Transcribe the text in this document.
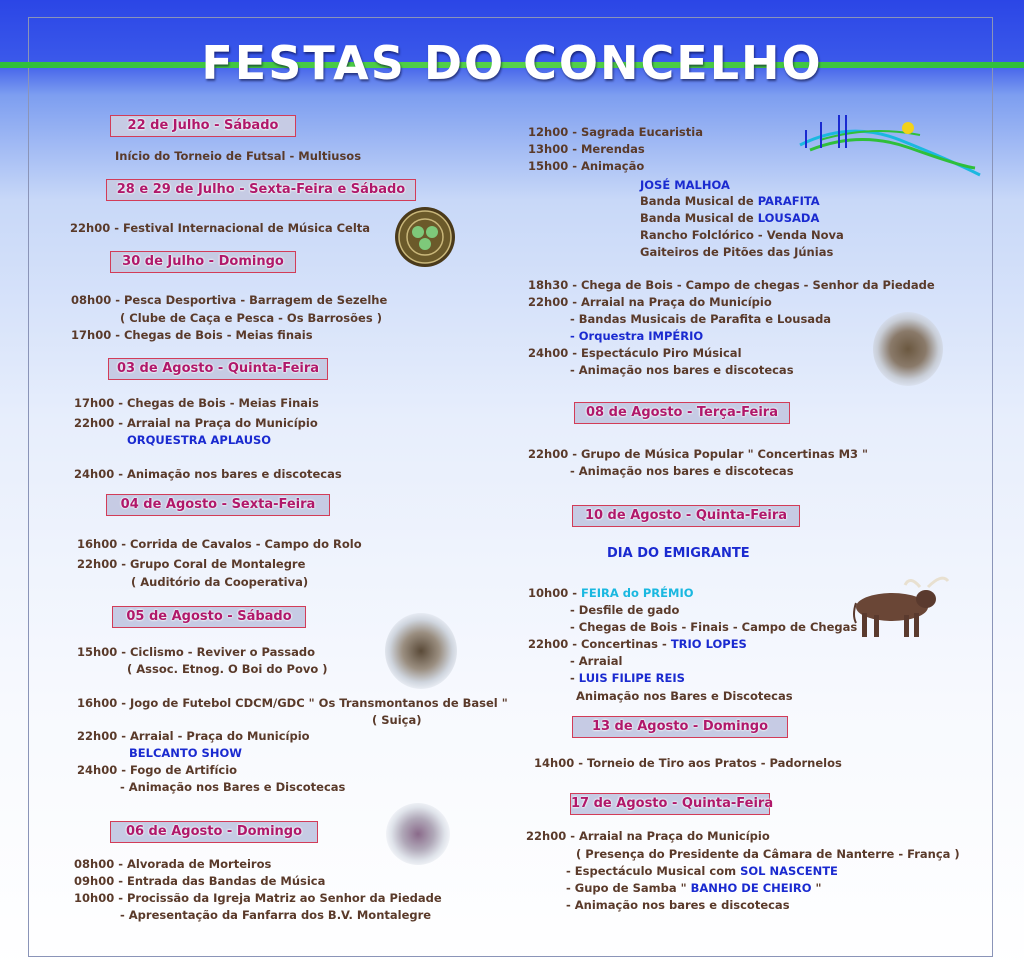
FESTAS DO CONCELHO
22 de Julho - Sábado
Início do Torneio de Futsal - Multiusos
28 e 29 de Julho - Sexta-Feira e Sábado
22h00 - Festival Internacional de Música Celta
30 de Julho - Domingo
08h00 - Pesca Desportiva - Barragem de Sezelhe
( Clube de Caça e Pesca - Os Barrosões )
17h00 - Chegas de Bois - Meias finais
03 de Agosto - Quinta-Feira
17h00 - Chegas de Bois - Meias Finais
22h00 - Arraial na Praça do Município
ORQUESTRA APLAUSO
24h00 - Animação nos bares e discotecas
04 de Agosto - Sexta-Feira
16h00 - Corrida de Cavalos - Campo do Rolo
22h00 - Grupo Coral de Montalegre
( Auditório da Cooperativa)
05 de Agosto - Sábado
15h00 - Ciclismo - Reviver o Passado
( Assoc. Etnog. O Boi do Povo )
16h00 - Jogo de Futebol CDCM/GDC " Os Transmontanos de Basel "
( Suiça)
22h00 - Arraial - Praça do Município
BELCANTO SHOW
24h00 - Fogo de Artifício
- Animação nos Bares e Discotecas
06 de Agosto - Domingo
08h00 - Alvorada de Morteiros
09h00 - Entrada das Bandas de Música
10h00 - Procissão da Igreja Matriz ao Senhor da Piedade
- Apresentação da Fanfarra dos B.V. Montalegre
12h00 - Sagrada Eucaristia
13h00 - Merendas
15h00 - Animação
JOSÉ MALHOA
Banda Musical de PARAFITA
Banda Musical de LOUSADA
Rancho Folclórico - Venda Nova
Gaiteiros de Pitões das Júnias
18h30 - Chega de Bois - Campo de chegas - Senhor da Piedade
22h00 - Arraial na Praça do Município
- Bandas Musicais de Parafita e Lousada
- Orquestra IMPÉRIO
24h00 - Espectáculo Piro Músical
- Animação nos bares e discotecas
08 de Agosto - Terça-Feira
22h00 - Grupo de Música Popular " Concertinas M3 "
- Animação nos bares e discotecas
10 de Agosto - Quinta-Feira
DIA DO EMIGRANTE
10h00 - FEIRA do PRÉMIO
- Desfile de gado
- Chegas de Bois - Finais - Campo de Chegas
22h00 - Concertinas - TRIO LOPES
- Arraial
- LUIS FILIPE REIS
Animação nos Bares e Discotecas
13 de Agosto - Domingo
14h00 - Torneio de Tiro aos Pratos - Padornelos
17 de Agosto - Quinta-Feira
22h00 - Arraial na Praça do Município
( Presença do Presidente da Câmara de Nanterre - França )
- Espectáculo Musical com SOL NASCENTE
- Gupo de Samba " BANHO DE CHEIRO "
- Animação nos bares e discotecas
